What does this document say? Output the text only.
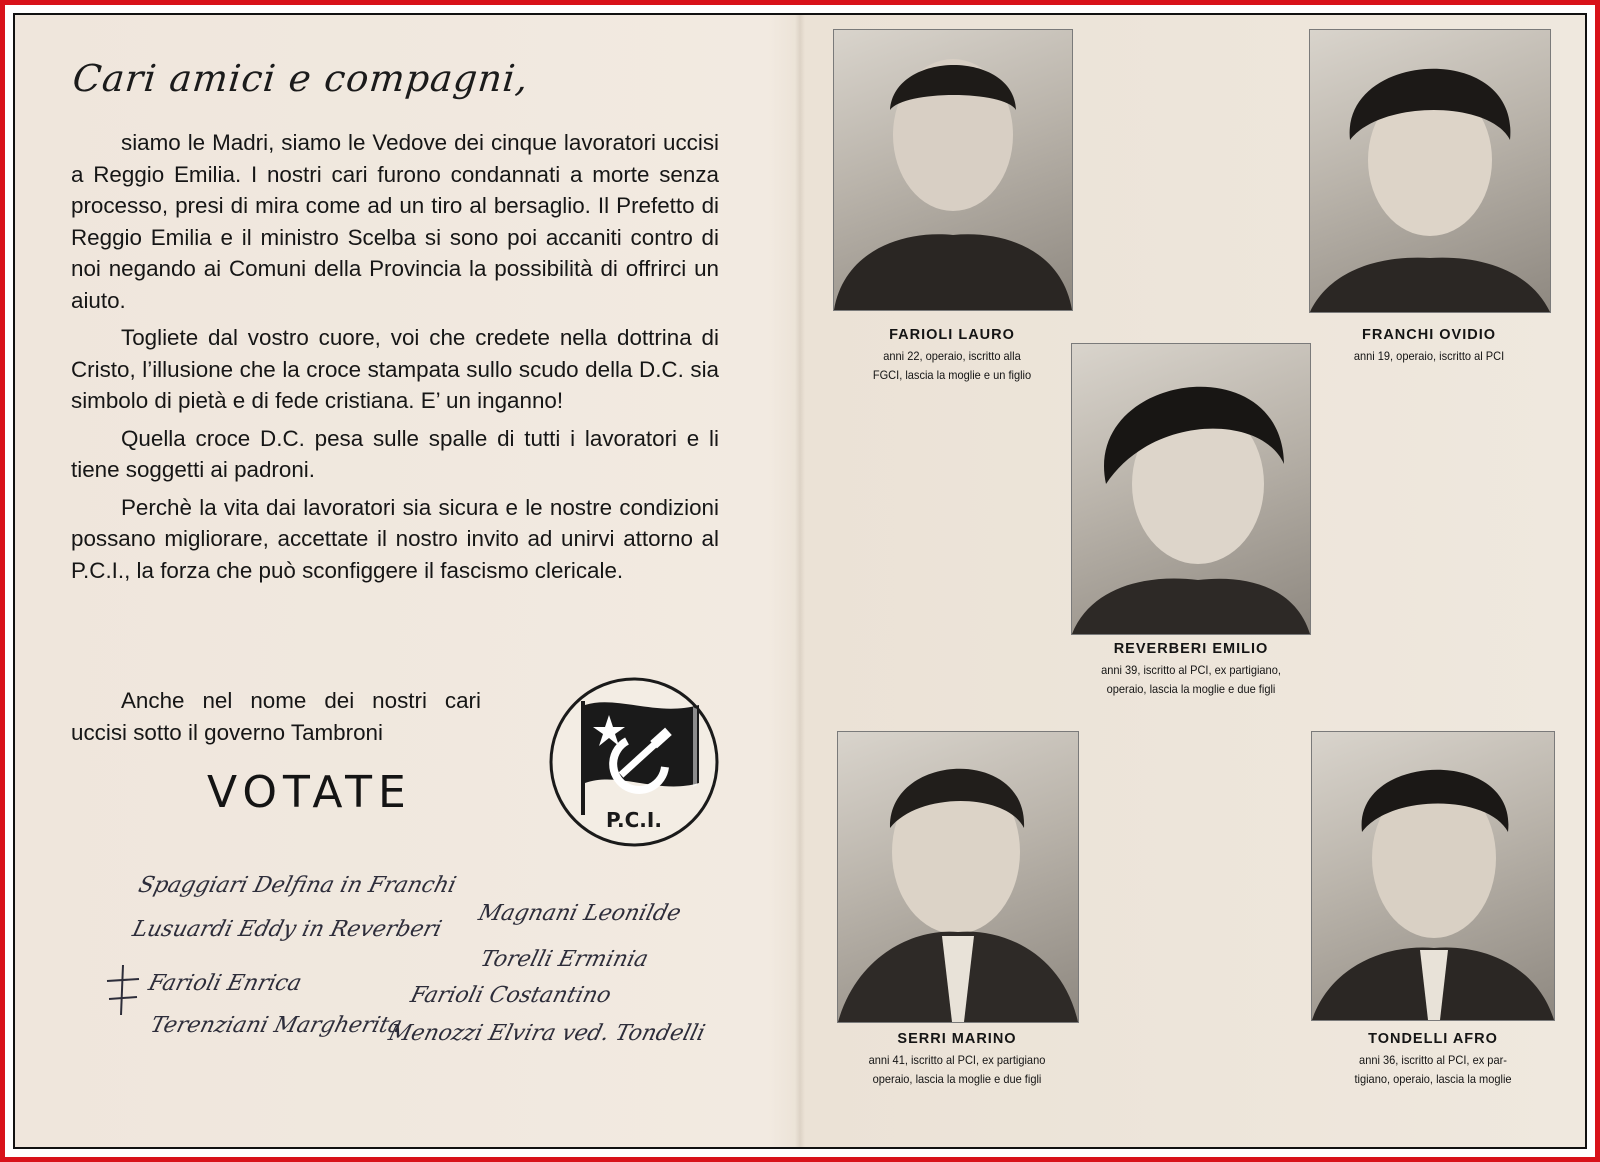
Cari amici e compagni,

siamo le Madri, siamo le Vedove dei cinque lavoratori uccisi a Reggio Emilia. I nostri cari furono condannati a morte senza processo, presi di mira come ad un tiro al bersaglio. Il Prefetto di Reggio Emilia e il ministro Scelba si sono poi accaniti contro di noi negando ai Comuni della Provincia la possibilità di offrirci un aiuto.

Togliete dal vostro cuore, voi che credete nella dottrina di Cristo, l’illusione che la croce stampata sullo scudo della D.C. sia simbolo di pietà e di fede cristiana. E’ un inganno!

Quella croce D.C. pesa sulle spalle di tutti i lavoratori e li tiene soggetti ai padroni.

Perchè la vita dai lavoratori sia sicura e le nostre condizioni possano migliorare, accettate il nostro invito ad unirvi attorno al P.C.I., la forza che può sconfiggere il fascismo clericale.

Anche nel nome dei nostri cari uccisi sotto il governo Tambroni

VOTATE
P.C.I.
Spaggiari Delfina in Franchi
Lusuardi Eddy in Reverberi
Magnani Leonilde
Torelli Erminia
Farioli Enrica	Farioli Costantino
Terenziani Margherita
Menozzi Elvira ved. Tondelli
FARIOLI LAURO
anni 22, operaio, iscritto alla
FGCI, lascia la moglie e un figlio
FRANCHI OVIDIO
anni 19, operaio, iscritto al PCI
REVERBERI EMILIO
anni 39, iscritto al PCI, ex partigiano,
operaio, lascia la moglie e due figli
SERRI MARINO
anni 41, iscritto al PCI, ex partigiano
operaio, lascia la moglie e due figli
TONDELLI AFRO
anni 36, iscritto al PCI, ex par-
tigiano, operaio, lascia la moglie
